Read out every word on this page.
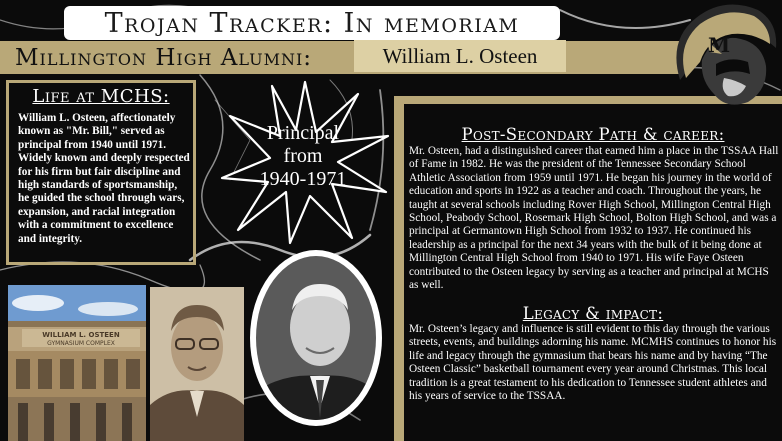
Trojan Tracker: In memoriam
Millington High Alumni:	William L. Osteen	M
Life at MCHS:
William L. Osteen, affectionately known as "Mr. Bill," served as principal from 1940 until 1971. Widely known and deeply respected for his firm but fair discipline and high standards of sportsmanship, he guided the school through wars, expansion, and racial integration with a commitment to excellence and integrity.
Principal
from
1940-1971
Post-Secondary Path & career:
Mr. Osteen, had a distinguished career that earned him a place in the TSSAA Hall of Fame in 1982. He was the president of the Tennessee Secondary School Athletic Association from 1959 until 1971. He began his journey in the world of education and sports in 1922 as a teacher and coach. Throughout the years, he taught at several schools including Rover High School, Millington Central High School, Peabody School, Rosemark High School, Bolton High School, and was a principal at Germantown High School from 1932 to 1937. He continued his leadership as a principal for the next 34 years with the bulk of it being done at Millington Central High School from 1940 to 1971. His wife Faye Osteen contributed to the Osteen legacy by serving as a teacher and principal at MCHS as well.
Legacy & impact:
Mr. Osteen’s legacy and influence is still evident to this day through the various streets, events, and buildings adorning his name. MCMHS continues to honor his life and legacy through the gymnasium that bears his name and by having “The Osteen Classic” basketball tournament every year around Christmas. This local tradition is a great testament to his dedication to Tennessee student athletes and his years of service to the TSSAA.
WILLIAM L. OSTEEN
GYMNASIUM COMPLEX
